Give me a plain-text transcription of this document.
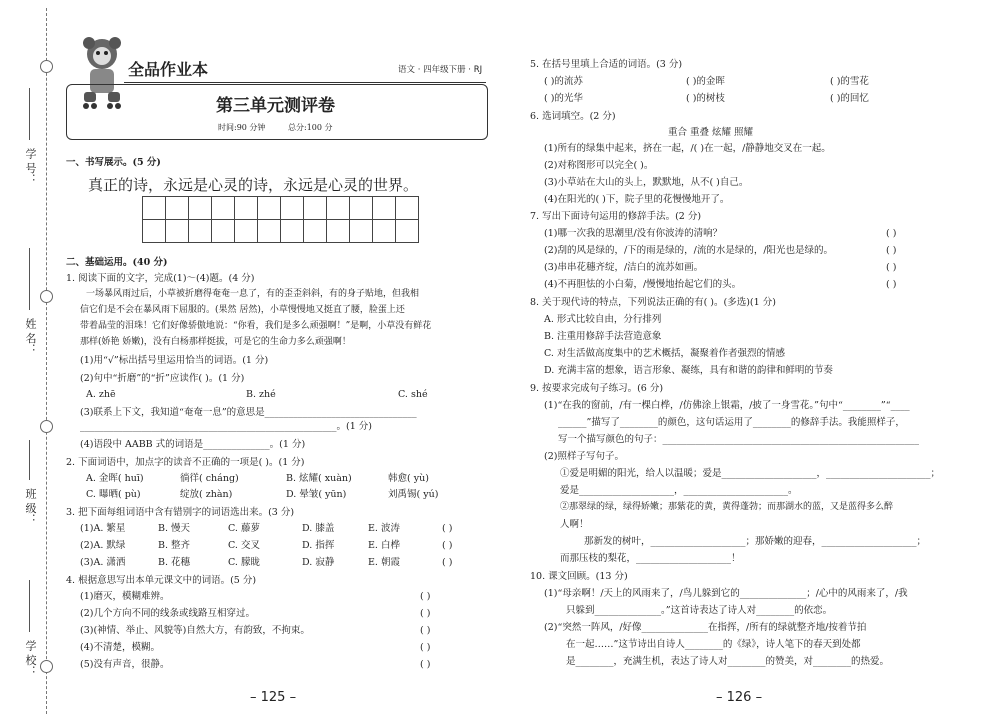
学 号：
姓 名：
班 级：
学 校：
全品作业本	语文 · 四年级下册 · RJ
第三单元测评卷
时间:90 分钟	总分:100 分
一、书写展示。(5 分)
真正的诗，永远是心灵的诗，永远是心灵的世界。

二、基础运用。(40 分)
1. 阅读下面的文字，完成(1)～(4)题。(4 分)
一场暴风雨过后，小草被折磨得奄奄一息了，有的歪歪斜斜，有的身子贴地，但我相
信它们是不会在暴风雨下屈服的。(果然 居然)，小草慢慢地又挺直了腰，脸蛋上还
带着晶莹的泪珠！它们好像骄傲地说：“你看，我们是多么顽强啊！”是啊，小草没有鲜花
那样(娇艳 娇嫩)，没有白杨那样挺拔，可是它的生命力多么顽强啊！
(1)用“√”标出括号里运用恰当的词语。(1 分)
(2)句中“折磨”的“折”应读作( )。(1 分)
A. zhē	B. zhé	C. shé
(3)联系上下文，我知道“奄奄一息”的意思是________________________________
______________________________________________________。(1 分)
(4)语段中 AABB 式的词语是______________。(1 分)
2. 下面词语中，加点字的读音不正确的一项是( )。(1 分)
A. 金晖( huī)	徜徉( cháng)	B. 炫耀( xuàn)	韩愈( yù)
C. 曝晒( pù)	绽放( zhàn)	D. 晕皱( yūn)	刘禹锡( yú)
3. 把下面每组词语中含有错别字的词语选出来。(3 分)
(1)A. 繁星	B. 慢天	C. 藤萝	D. 膝盖	E. 波涛	( )
(2)A. 默绿	B. 整齐	C. 交叉	D. 指挥	E. 白桦	( )
(3)A. 潇洒	B. 花穗	C. 朦眬	D. 寂静	E. 朝霞	( )
4. 根据意思写出本单元课文中的词语。(5 分)
(1)磨灭，模糊难辨。	( )
(2)几个方向不同的线条或线路互相穿过。	( )
(3)(神情、举止、风貌等)自然大方，有韵致，不拘束。	( )
(4)不清楚，模糊。	( )
(5)没有声音，很静。	( )
– 125 –
5. 在括号里填上合适的词语。(3 分)
( )的流苏	( )的金晖	( )的雪花
( )的光华	( )的树枝	( )的回忆
6. 选词填空。(2 分)
重合 重叠 炫耀 照耀
(1)所有的绿集中起来，挤在一起，/( )在一起，/静静地交叉在一起。
(2)对称图形可以完全( )。
(3)小草站在大山的头上，默默地，从不( )自己。
(4)在阳光的( )下，院子里的花慢慢地开了。
7. 写出下面诗句运用的修辞手法。(2 分)
(1)哪一次我的思潮里/没有你波涛的清响？	( )
(2)刮的风是绿的，/下的雨是绿的，/流的水是绿的，/阳光也是绿的。	( )
(3)串串花穗齐绽，/洁白的流苏如画。	( )
(4)不再胆怯的小白菊，/慢慢地抬起它们的头。	( )
8. 关于现代诗的特点，下列说法正确的有( )。(多选)(1 分)
A. 形式比较自由，分行排列
B. 注重用修辞手法营造意象
C. 对生活做高度集中的艺术概括，凝聚着作者强烈的情感
D. 充满丰富的想象，语言形象、凝练，具有和谐的韵律和鲜明的节奏
9. 按要求完成句子练习。(6 分)
(1)“在我的窗前，/有一棵白桦，/仿佛涂上银霜，/披了一身雪花。”句中“________”“____
______”描写了________的颜色，这句话运用了________的修辞手法。我能照样子，
写一个描写颜色的句子：______________________________________________________
(2)照样子写句子。
①爱是明媚的阳光，给人以温暖；爱是____________________，______________________；
爱是____________________，______________________。
②那翠绿的绿，绿得娇嫩；那紫花的黄，黄得蓬勃；而那湖水的蓝，又是蓝得多么醉
人啊！
那新发的树叶，____________________；那娇嫩的迎春，____________________；
而那压枝的梨花，____________________！
10. 课文回顾。(13 分)
(1)“母亲啊！/天上的风雨来了，/鸟儿躲到它的______________；/心中的风雨来了，/我
只躲到______________。”这首诗表达了诗人对________的依恋。
(2)“突然一阵风，/好像______________在指挥，/所有的绿就整齐地/按着节拍
在一起……”这节诗出自诗人________的《绿》，诗人笔下的春天到处都
是________，充满生机，表达了诗人对________的赞美，对________的热爱。
– 126 –
